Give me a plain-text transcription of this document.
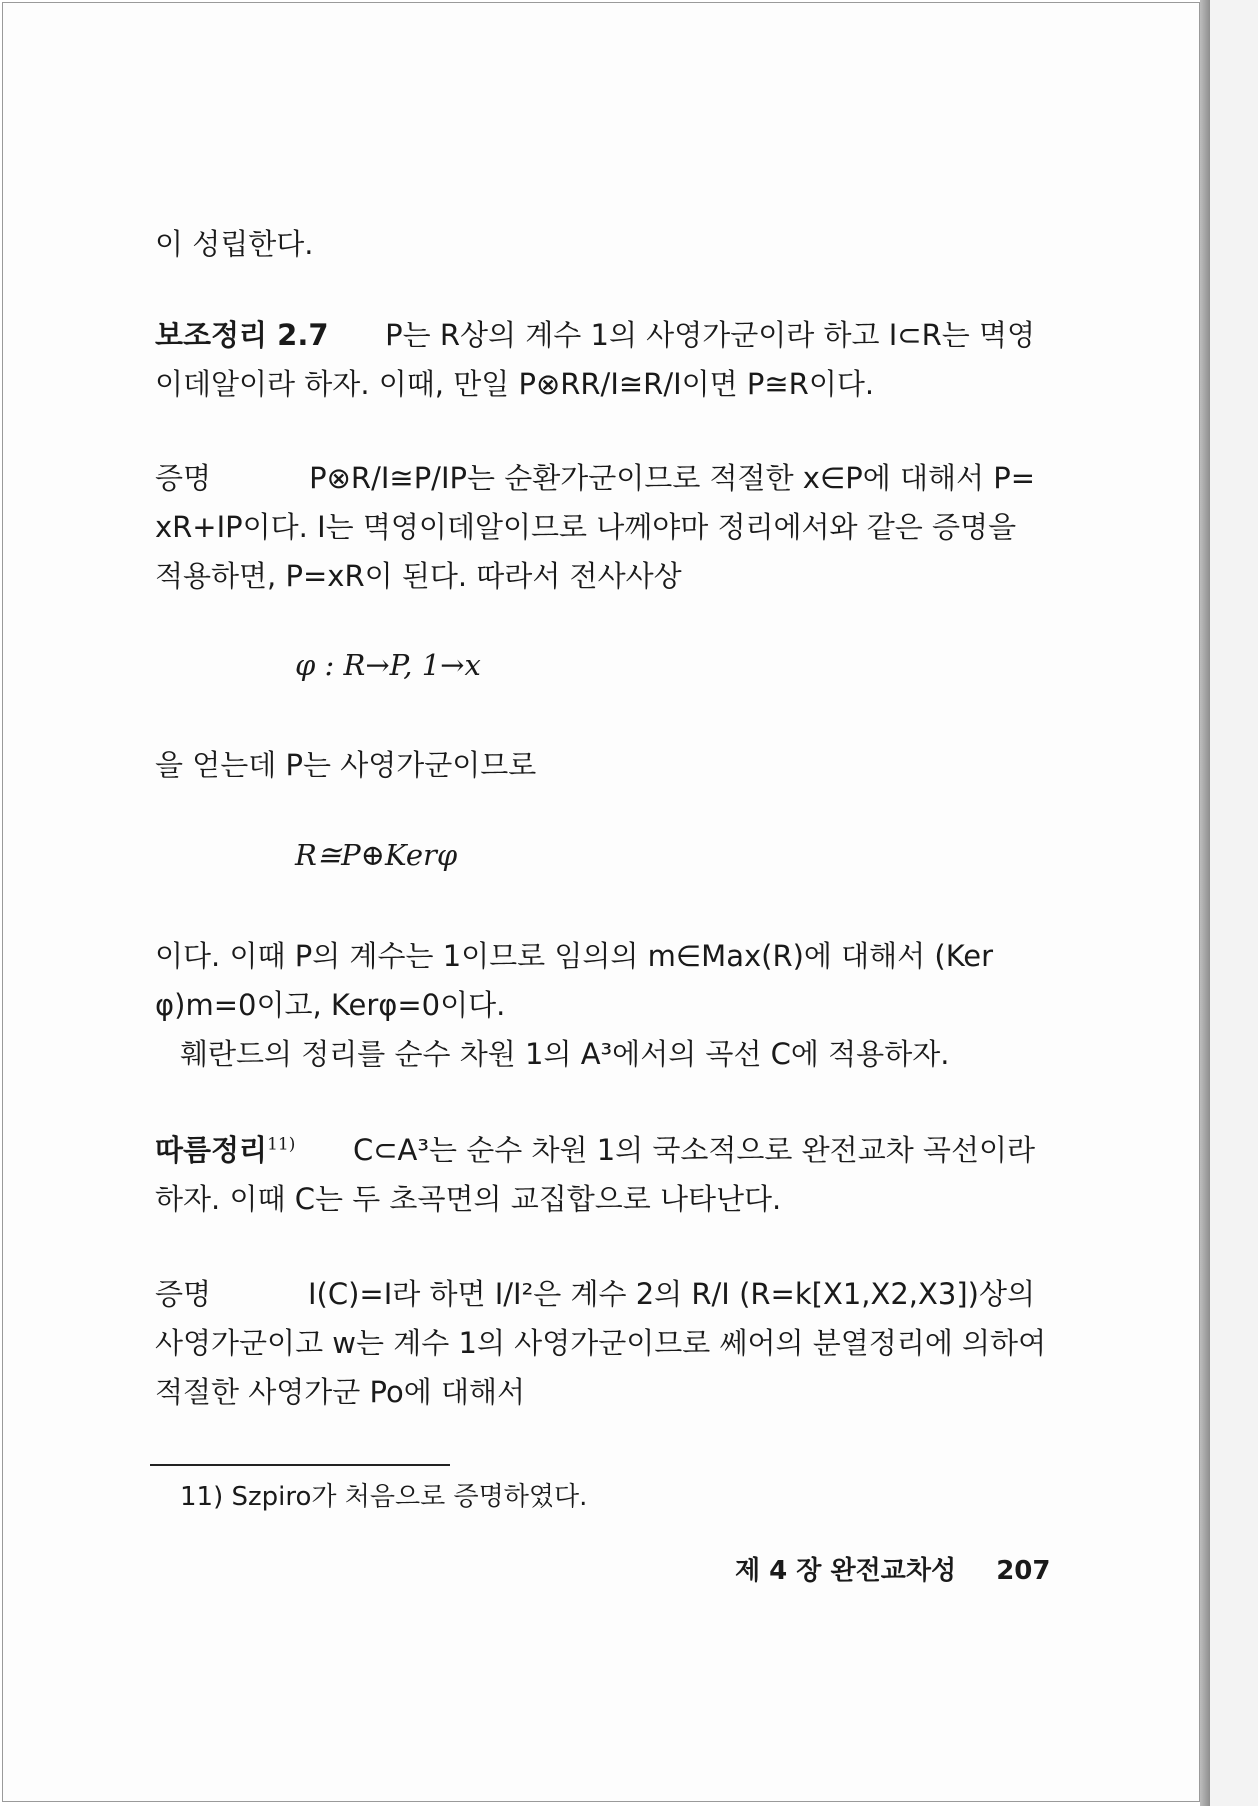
이 성립한다.
보조정리 2.7 P는 R상의 계수 1의 사영가군이라 하고 I⊂R는 멱영
이데알이라 하자. 이때, 만일 P⊗RR/I≅R/I이면 P≅R이다.
증명	P⊗R/I≅P/IP는 순환가군이므로 적절한 x∈P에 대해서 P=
xR+IP이다. I는 멱영이데알이므로 나께야마 정리에서와 같은 증명을
적용하면, P=xR이 된다. 따라서 전사사상
φ : R→P, 1→x
을 얻는데 P는 사영가군이므로
R≅P⊕Kerφ
이다. 이때 P의 계수는 1이므로 임의의 m∈Max(R)에 대해서 (Ker
φ)m=0이고, Kerφ=0이다.
훼란드의 정리를 순수 차원 1의 A³에서의 곡선 C에 적용하자.
따름정리$^{11)}$ C⊂A³는 순수 차원 1의 국소적으로 완전교차 곡선이라
하자. 이때 C는 두 초곡면의 교집합으로 나타난다.
증명	I(C)=I라 하면 I/I²은 계수 2의 R/I (R=k[X1,X2,X3])상의
사영가군이고 w는 계수 1의 사영가군이므로 쎄어의 분열정리에 의하여
적절한 사영가군 Po에 대해서
11) Szpiro가 처음으로 증명하였다.
제 4 장 완전교차성 207
